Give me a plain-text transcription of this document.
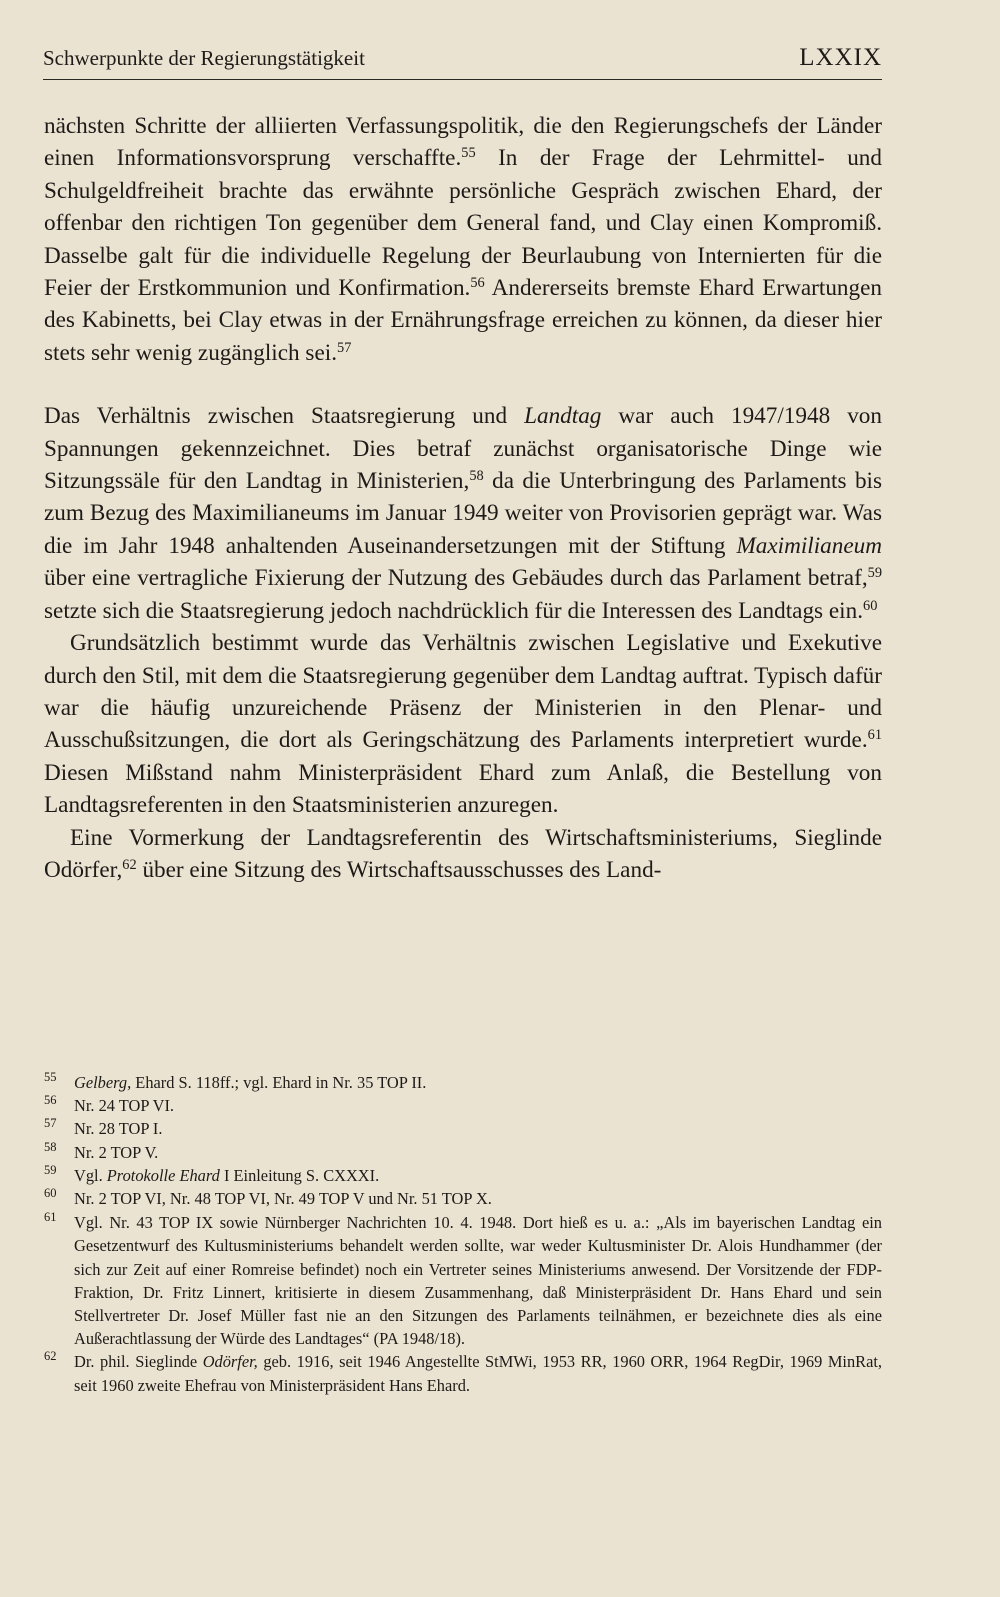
Schwerpunkte der Regierungstätigkeit	LXXIX

nächsten Schritte der alliierten Verfassungspolitik, die den Regierungschefs der Länder einen Informationsvorsprung verschaffte.$^{55}$ In der Frage der Lehrmittel- und Schulgeldfreiheit brachte das erwähnte persönliche Gespräch zwischen Ehard, der offenbar den richtigen Ton gegenüber dem General fand, und Clay einen Kompromiß. Dasselbe galt für die individuelle Regelung der Beurlaubung von Internierten für die Feier der Erstkommunion und Konfirmation.$^{56}$ Andererseits bremste Ehard Erwartungen des Kabinetts, bei Clay etwas in der Ernährungsfrage erreichen zu können, da dieser hier stets sehr wenig zugänglich sei.$^{57}$

Das Verhältnis zwischen Staatsregierung und Landtag war auch 1947/1948 von Spannungen gekennzeichnet. Dies betraf zunächst organisatorische Dinge wie Sitzungssäle für den Landtag in Ministerien,$^{58}$ da die Unterbringung des Parlaments bis zum Bezug des Maximilianeums im Januar 1949 weiter von Provisorien geprägt war. Was die im Jahr 1948 anhaltenden Auseinandersetzungen mit der Stiftung Maximilianeum über eine vertragliche Fixierung der Nutzung des Gebäudes durch das Parlament betraf,$^{59}$ setzte sich die Staatsregierung jedoch nachdrücklich für die Interessen des Landtags ein.$^{60}$

Grundsätzlich bestimmt wurde das Verhältnis zwischen Legislative und Exekutive durch den Stil, mit dem die Staatsregierung gegenüber dem Landtag auftrat. Typisch dafür war die häufig unzureichende Präsenz der Ministerien in den Plenar- und Ausschußsitzungen, die dort als Geringschätzung des Parlaments interpretiert wurde.$^{61}$ Diesen Mißstand nahm Ministerpräsident Ehard zum Anlaß, die Bestellung von Landtagsreferenten in den Staatsministerien anzuregen.

Eine Vormerkung der Landtagsreferentin des Wirtschaftsministeriums, Sieglinde Odörfer,$^{62}$ über eine Sitzung des Wirtschaftsausschusses des Land-

55	Gelberg, Ehard S. 118ff.; vgl. Ehard in Nr. 35 TOP II.
56	Nr. 24 TOP VI.
57	Nr. 28 TOP I.
58	Nr. 2 TOP V.
59	Vgl. Protokolle Ehard I Einleitung S. CXXXI.
60	Nr. 2 TOP VI, Nr. 48 TOP VI, Nr. 49 TOP V und Nr. 51 TOP X.
61	Vgl. Nr. 43 TOP IX sowie Nürnberger Nachrichten 10. 4. 1948. Dort hieß es u. a.: „Als im bayerischen Landtag ein Gesetzentwurf des Kultusministeriums behandelt werden sollte, war weder Kultusminister Dr. Alois Hundhammer (der sich zur Zeit auf einer Romreise befindet) noch ein Vertreter seines Ministeriums anwesend. Der Vorsitzende der FDP-Fraktion, Dr. Fritz Linnert, kritisierte in diesem Zusammenhang, daß Ministerpräsident Dr. Hans Ehard und sein Stellvertreter Dr. Josef Müller fast nie an den Sitzungen des Parlaments teilnähmen, er bezeichnete dies als eine Außerachtlassung der Würde des Landtages“ (PA 1948/18).
62	Dr. phil. Sieglinde Odörfer, geb. 1916, seit 1946 Angestellte StMWi, 1953 RR, 1960 ORR, 1964 RegDir, 1969 MinRat, seit 1960 zweite Ehefrau von Ministerpräsident Hans Ehard.
